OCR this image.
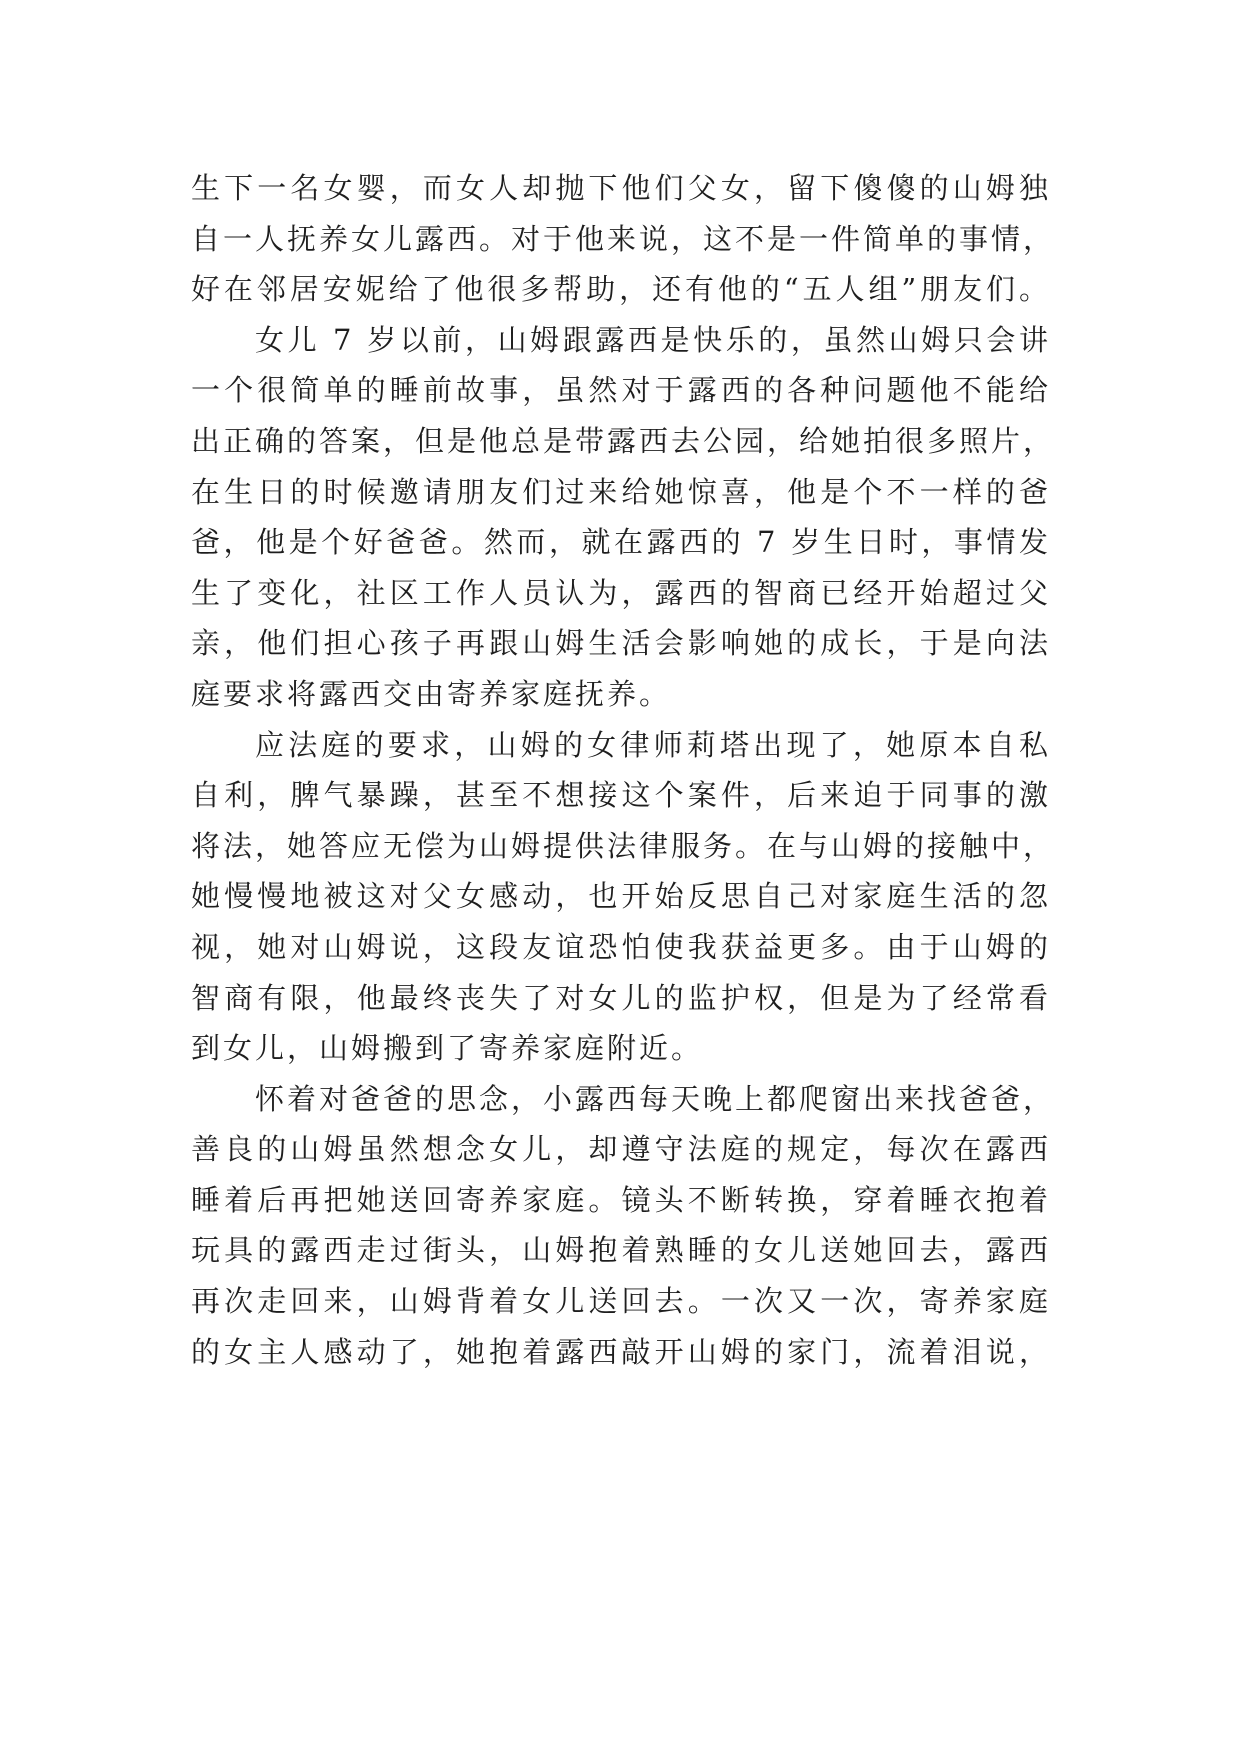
生下一名女婴，而女人却抛下他们父女，留下傻傻的山姆独
自一人抚养女儿露西。对于他来说，这不是一件简单的事情，
好在邻居安妮给了他很多帮助，还有他的“五人组”朋友们。
女儿 7 岁以前，山姆跟露西是快乐的，虽然山姆只会讲
一个很简单的睡前故事，虽然对于露西的各种问题他不能给
出正确的答案，但是他总是带露西去公园，给她拍很多照片，
在生日的时候邀请朋友们过来给她惊喜，他是个不一样的爸
爸，他是个好爸爸。然而，就在露西的 7 岁生日时，事情发
生了变化，社区工作人员认为，露西的智商已经开始超过父
亲，他们担心孩子再跟山姆生活会影响她的成长，于是向法
庭要求将露西交由寄养家庭抚养。
应法庭的要求，山姆的女律师莉塔出现了，她原本自私
自利，脾气暴躁，甚至不想接这个案件，后来迫于同事的激
将法，她答应无偿为山姆提供法律服务。在与山姆的接触中，
她慢慢地被这对父女感动，也开始反思自己对家庭生活的忽
视，她对山姆说，这段友谊恐怕使我获益更多。由于山姆的
智商有限，他最终丧失了对女儿的监护权，但是为了经常看
到女儿，山姆搬到了寄养家庭附近。
怀着对爸爸的思念，小露西每天晚上都爬窗出来找爸爸，
善良的山姆虽然想念女儿，却遵守法庭的规定，每次在露西
睡着后再把她送回寄养家庭。镜头不断转换，穿着睡衣抱着
玩具的露西走过街头，山姆抱着熟睡的女儿送她回去，露西
再次走回来，山姆背着女儿送回去。一次又一次，寄养家庭
的女主人感动了，她抱着露西敲开山姆的家门，流着泪说，
